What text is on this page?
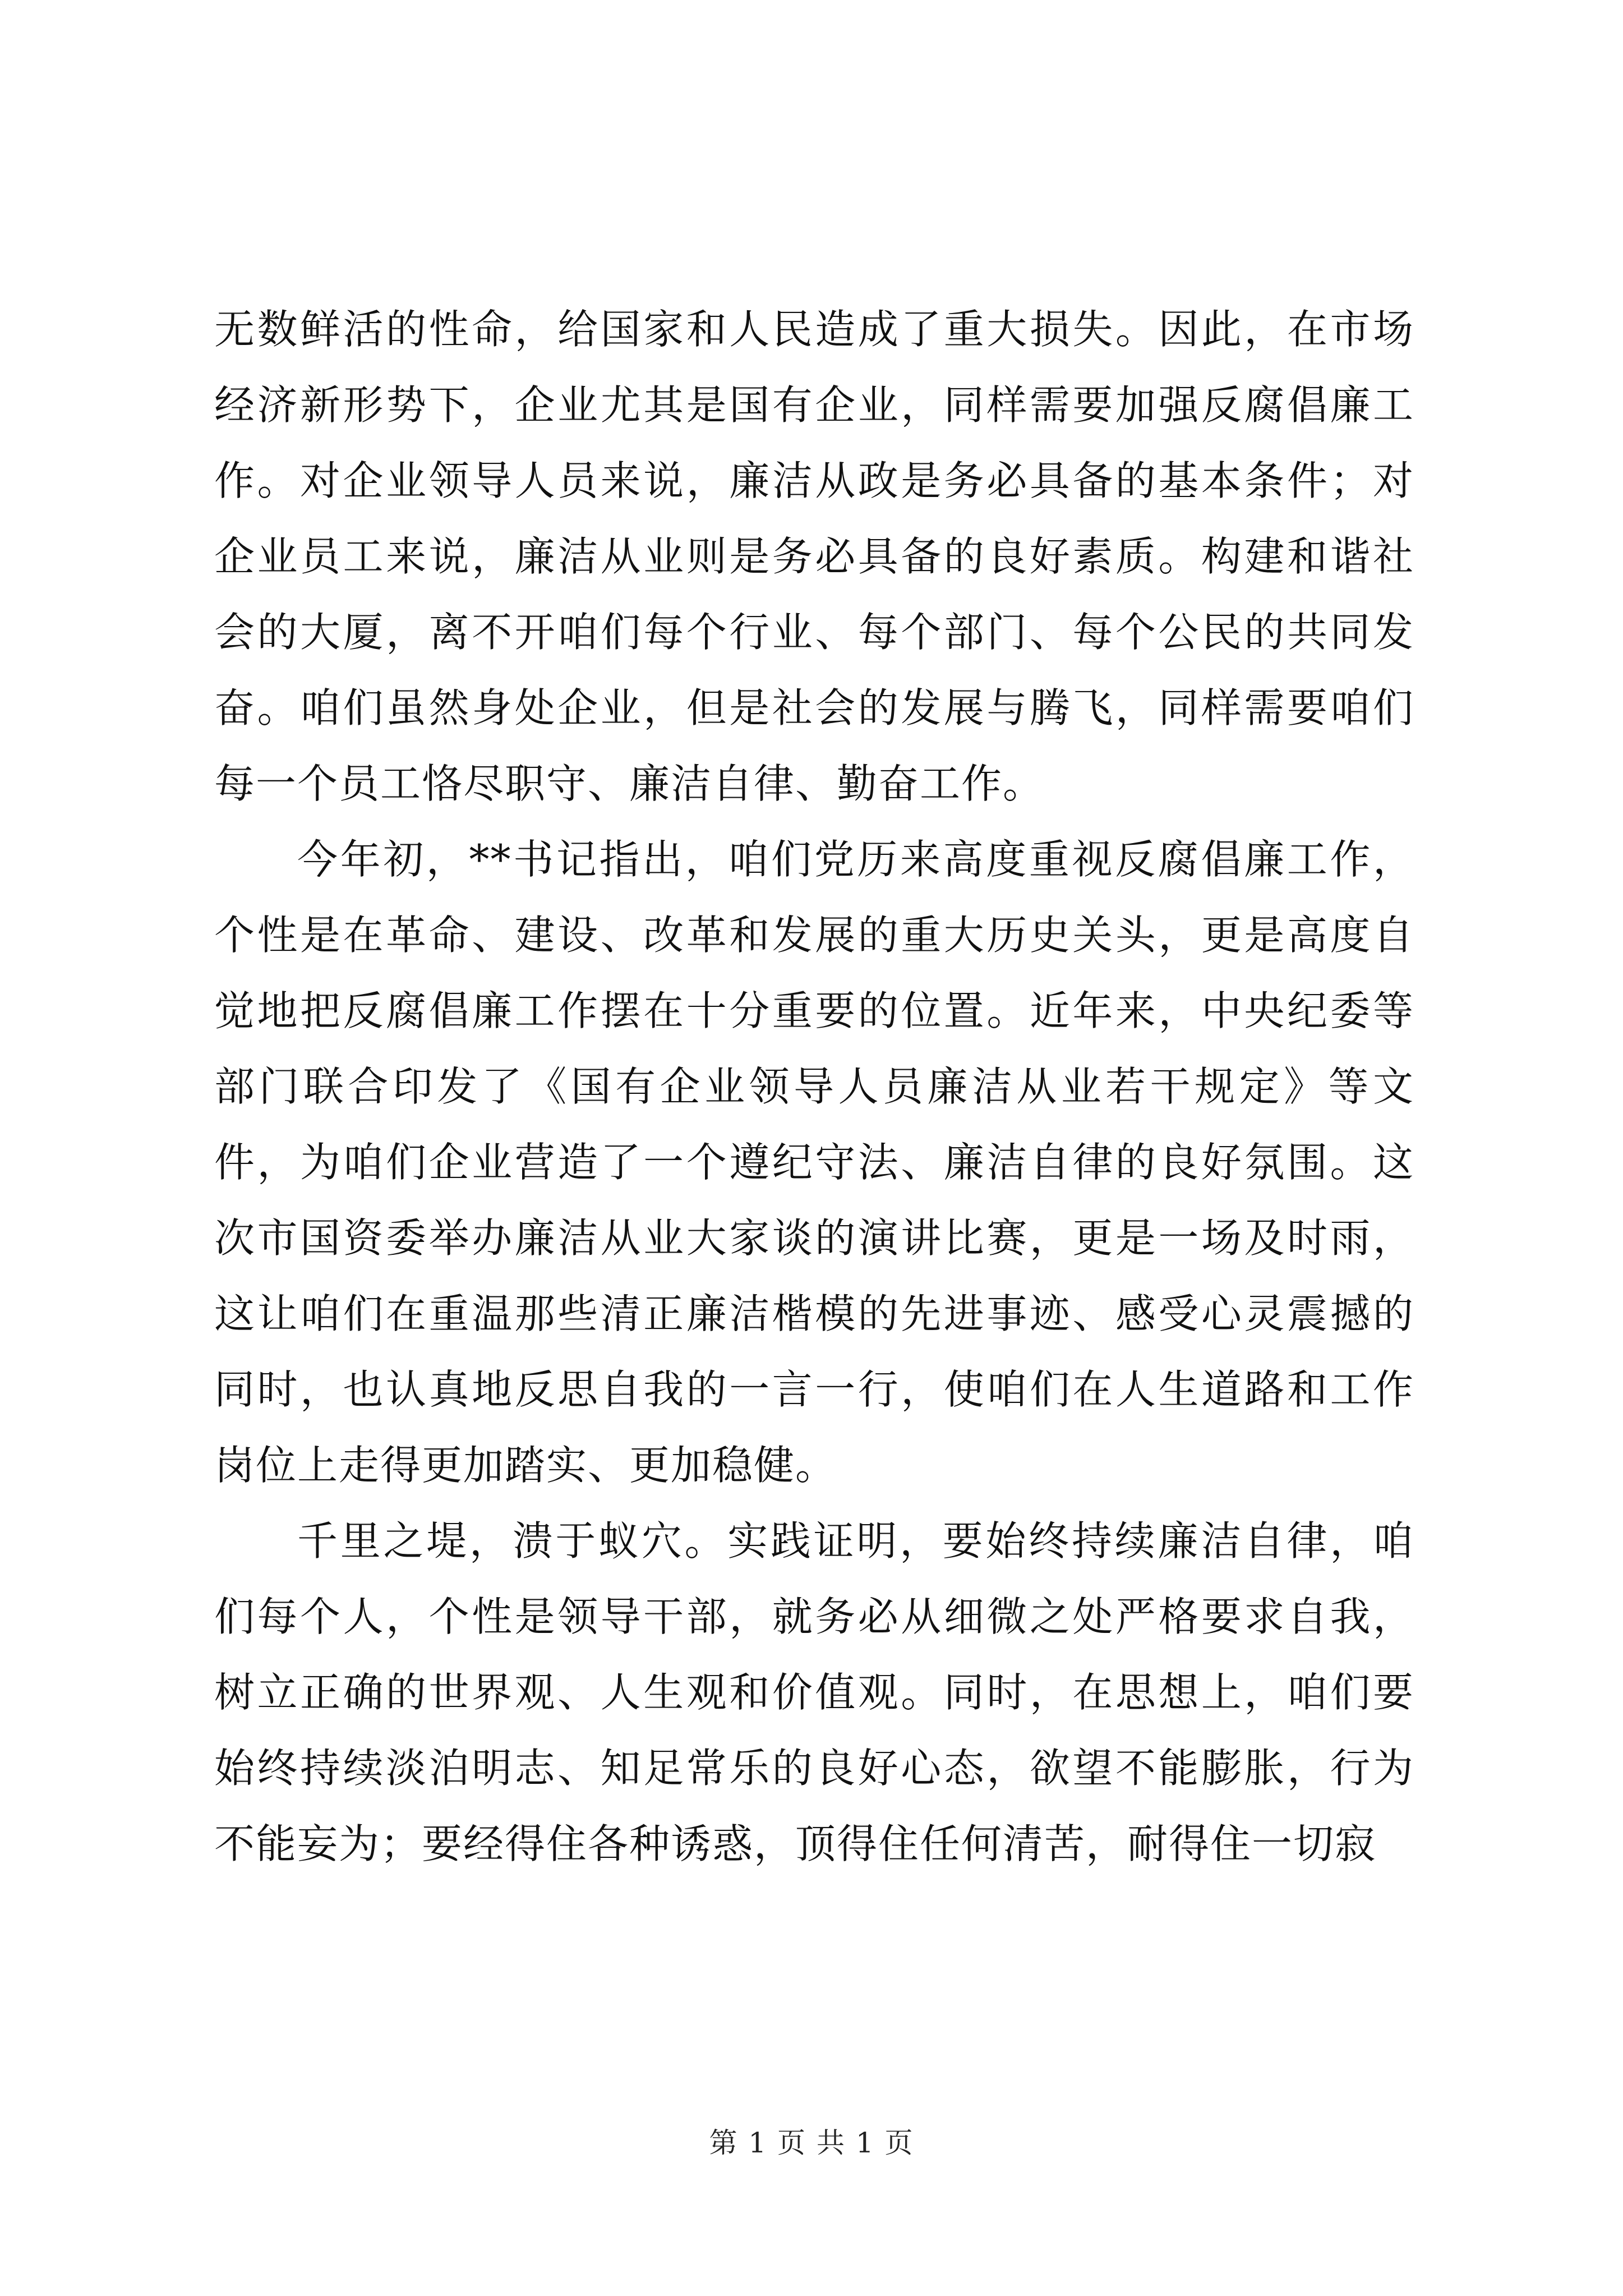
无数鲜活的性命，给国家和人民造成了重大损失。因此，在市场经济新形势下，企业尤其是国有企业，同样需要加强反腐倡廉工作。对企业领导人员来说，廉洁从政是务必具备的基本条件；对企业员工来说，廉洁从业则是务必具备的良好素质。构建和谐社会的大厦，离不开咱们每个行业、每个部门、每个公民的共同发奋。咱们虽然身处企业，但是社会的发展与腾飞，同样需要咱们每一个员工恪尽职守、廉洁自律、勤奋工作。

今年初，**书记指出，咱们党历来高度重视反腐倡廉工作，个性是在革命、建设、改革和发展的重大历史关头，更是高度自觉地把反腐倡廉工作摆在十分重要的位置。近年来，中央纪委等部门联合印发了《国有企业领导人员廉洁从业若干规定》等文件，为咱们企业营造了一个遵纪守法、廉洁自律的良好氛围。这次市国资委举办廉洁从业大家谈的演讲比赛，更是一场及时雨，这让咱们在重温那些清正廉洁楷模的先进事迹、感受心灵震撼的同时，也认真地反思自我的一言一行，使咱们在人生道路和工作岗位上走得更加踏实、更加稳健。

千里之堤，溃于蚁穴。实践证明，要始终持续廉洁自律，咱们每个人，个性是领导干部，就务必从细微之处严格要求自我，树立正确的世界观、人生观和价值观。同时，在思想上，咱们要始终持续淡泊明志、知足常乐的良好心态，欲望不能膨胀，行为不能妄为；要经得住各种诱惑，顶得住任何清苦，耐得住一切寂

第 1 页 共 1 页
